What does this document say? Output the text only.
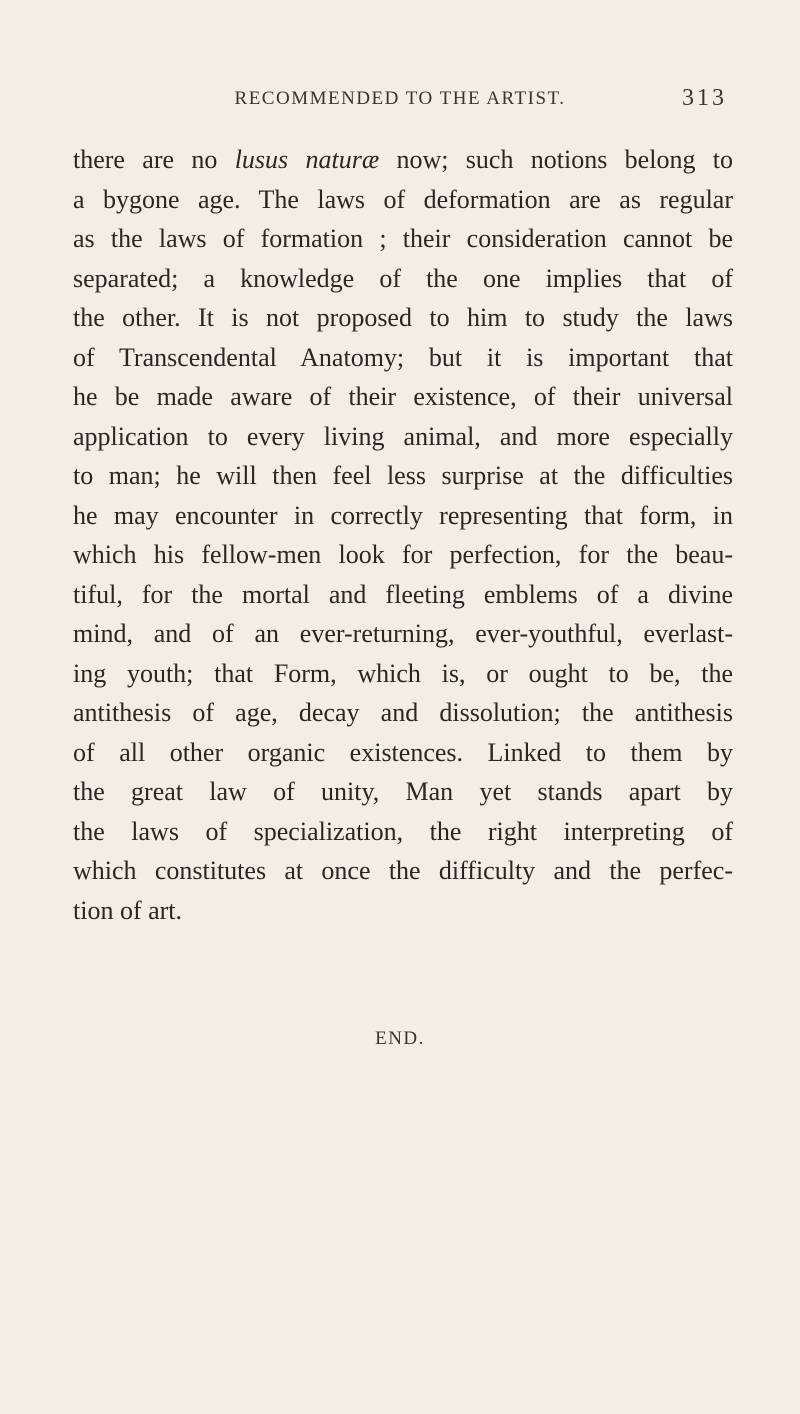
RECOMMENDED TO THE ARTIST.	313
there are no lusus naturæ now; such notions belong to
a bygone age. The laws of deformation are as regular
as the laws of formation ; their consideration cannot be
separated; a knowledge of the one implies that of
the other. It is not proposed to him to study the laws
of Transcendental Anatomy; but it is important that
he be made aware of their existence, of their universal
application to every living animal, and more especially
to man; he will then feel less surprise at the difficulties
he may encounter in correctly representing that form, in
which his fellow-men look for perfection, for the beau-
tiful, for the mortal and fleeting emblems of a divine
mind, and of an ever-returning, ever-youthful, everlast-
ing youth; that Form, which is, or ought to be, the
antithesis of age, decay and dissolution; the antithesis
of all other organic existences. Linked to them by
the great law of unity, Man yet stands apart by
the laws of specialization, the right interpreting of
which constitutes at once the difficulty and the perfec-
tion of art.
END.
